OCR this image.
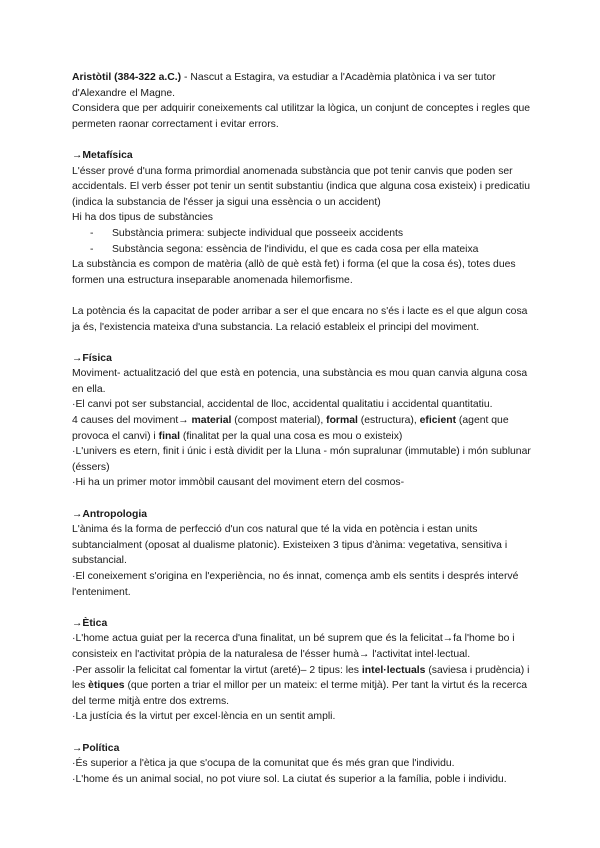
Aristòtil (384-322 a.C.) - Nascut a Estagira, va estudiar a l'Acadèmia platònica i va ser tutor d'Alexandre el Magne.

Considera que per adquirir coneixements cal utilitzar la lògica, un conjunt de conceptes i regles que permeten raonar correctament i evitar errors.

→Metafísica

L'ésser prové d'una forma primordial anomenada substància que pot tenir canvis que poden ser accidentals. El verb ésser pot tenir un sentit substantiu (indica que alguna cosa existeix) i predicatiu (indica la substancia de l'ésser ja sigui una essència o un accident)

Hi ha dos tipus de substàncies

- Substància primera: subjecte individual que posseeix accidents
- Substància segona: essència de l'individu, el que es cada cosa per ella mateixa

La substància es compon de matèria (allò de què està fet) i forma (el que la cosa és), totes dues formen una estructura inseparable anomenada hilemorfisme.

La potència és la capacitat de poder arribar a ser el que encara no s'és i lacte es el que algun cosa ja és, l'existencia mateixa d'una substancia. La relació estableix el principi del moviment.

→Física

Moviment- actualització del que està en potencia, una substància es mou quan canvia alguna cosa en ella.

·El canvi pot ser substancial, accidental de lloc, accidental qualitatiu i accidental quantitatiu.

4 causes del moviment→ material (compost material), formal (estructura), eficient (agent que provoca el canvi) i final (finalitat per la qual una cosa es mou o existeix)

·L'univers es etern, finit i únic i està dividit per la Lluna - món supralunar (immutable) i món sublunar (éssers)

·Hi ha un primer motor immòbil causant del moviment etern del cosmos-

→Antropologia

L'ànima és la forma de perfecció d'un cos natural que té la vida en potència i estan units subtancialment (oposat al dualisme platonic). Existeixen 3 tipus d'ànima: vegetativa, sensitiva i substancial.

·El coneixement s'origina en l'experiència, no és innat, comença amb els sentits i després intervé l'enteniment.

→Ètica

·L'home actua guiat per la recerca d'una finalitat, un bé suprem que és la felicitat→fa l'home bo i consisteix en l'activitat pròpia de la naturalesa de l'ésser humà→ l'activitat intel·lectual.

·Per assolir la felicitat cal fomentar la virtut (areté)– 2 tipus: les intel·lectuals (saviesa i prudència) i les ètiques (que porten a triar el millor per un mateix: el terme mitjà). Per tant la virtut és la recerca del terme mitjà entre dos extrems.

·La justícia és la virtut per excel·lència en un sentit ampli.

→Política

·És superior a l'ètica ja que s'ocupa de la comunitat que és més gran que l'individu.

·L'home és un animal social, no pot viure sol. La ciutat és superior a la família, poble i individu.
